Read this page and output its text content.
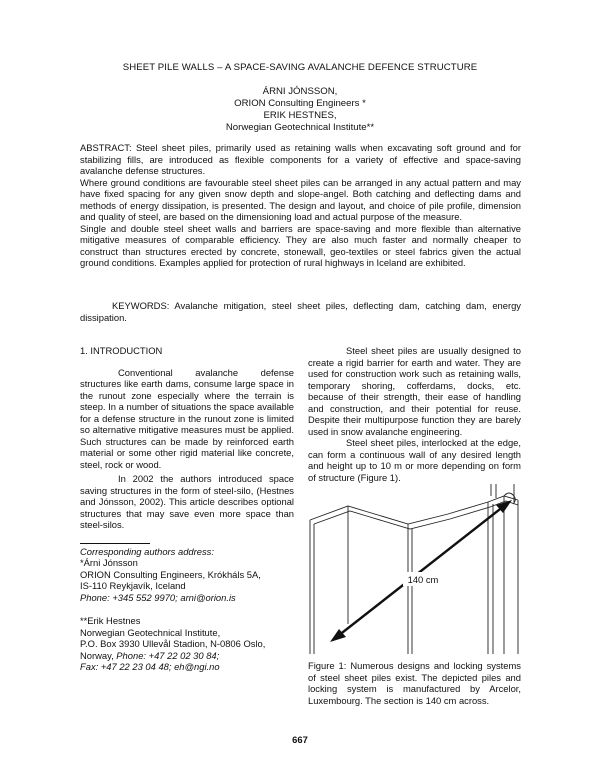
SHEET PILE WALLS – A SPACE-SAVING AVALANCHE DEFENCE STRUCTURE
ÁRNI JÓNSSON,
ORION Consulting Engineers *
ERIK HESTNES,
Norwegian Geotechnical Institute**

ABSTRACT: Steel sheet piles, primarily used as retaining walls when excavating soft ground and for stabilizing fills, are introduced as flexible components for a variety of effective and space-saving avalanche defense structures.

Where ground conditions are favourable steel sheet piles can be arranged in any actual pattern and may have fixed spacing for any given snow depth and slope-angel. Both catching and deflecting dams and methods of energy dissipation, is presented. The design and layout, and choice of pile profile, dimension and quality of steel, are based on the dimensioning load and actual purpose of the measure.

Single and double steel sheet walls and barriers are space-saving and more flexible than alternative mitigative measures of comparable efficiency. They are also much faster and normally cheaper to construct than structures erected by concrete, stonewall, geo-textiles or steel fabrics given the actual ground conditions. Examples applied for protection of rural highways in Iceland are exhibited.

KEYWORDS: Avalanche mitigation, steel sheet piles, deflecting dam, catching dam, energy dissipation.
1. INTRODUCTION

Conventional avalanche defense structures like earth dams, consume large space in the runout zone especially where the terrain is steep. In a number of situations the space available for a defense structure in the runout zone is limited so alternative mitigative measures must be applied. Such structures can be made by reinforced earth material or some other rigid material like concrete, steel, rock or wood.

In 2002 the authors introduced space saving structures in the form of steel-silo, (Hestnes and Jónsson, 2002). This article describes optional structures that may save even more space than steel-silos.

Corresponding authors address:
*Árni Jónsson
ORION Consulting Engineers, Krókháls 5A,
IS-110 Reykjavík, Iceland
Phone: +345 552 9970; arni@orion.is
**Erik Hestnes
Norwegian Geotechnical Institute,
P.O. Box 3930 Ullevål Stadion, N-0806 Oslo,
Norway, Phone: +47 22 02 30 84;
Fax: +47 22 23 04 48; eh@ngi.no

Steel sheet piles are usually designed to create a rigid barrier for earth and water. They are used for construction work such as retaining walls, temporary shoring, cofferdams, docks, etc. because of their strength, their ease of handling and construction, and their potential for reuse. Despite their multipurpose function they are barely used in snow avalanche engineering.

Steel sheet piles, interlocked at the edge, can form a continuous wall of any desired length and height up to 10 m or more depending on form of structure (Figure 1).

140 cm
Figure 1: Numerous designs and locking systems of steel sheet piles exist. The depicted piles and locking system is manufactured by Arcelor, Luxembourg. The section is 140 cm across.
667
